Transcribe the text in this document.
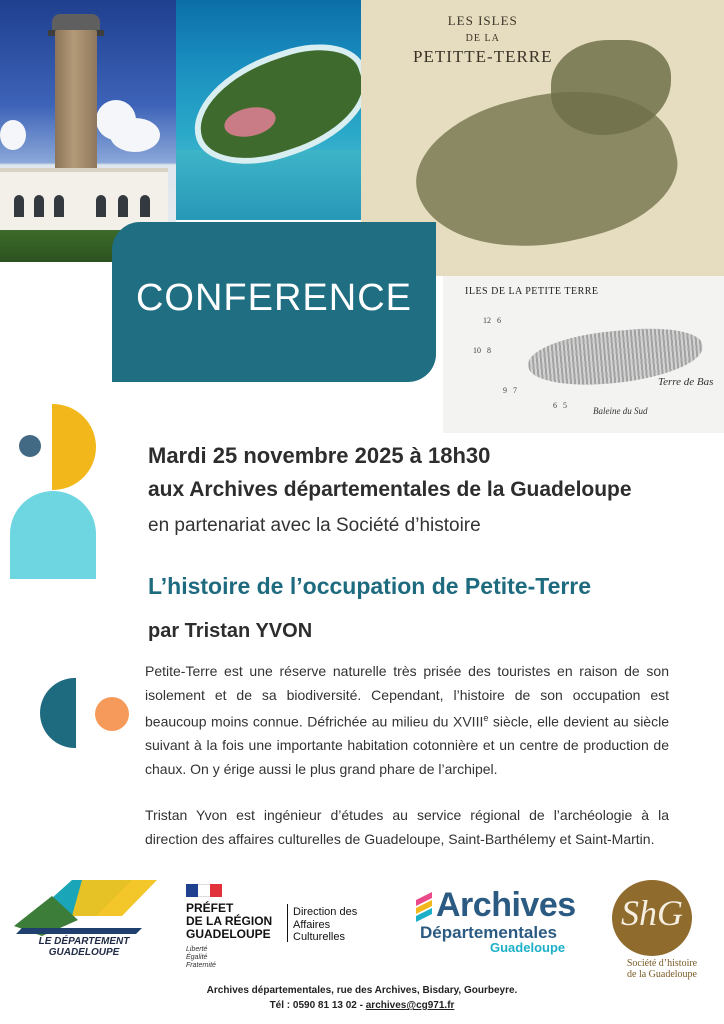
LES ISLES
DE LA
PETITTE-TERRE
ILES DE LA PETITE TERRE
Terre de Bas
Baleine du Sud
12   6
10   8
9   7
6   5
CONFERENCE
Mardi 25 novembre 2025 à 18h30
aux Archives départementales de la Guadeloupe
en partenariat avec la Société d’histoire
L’histoire de l’occupation de Petite-Terre
par Tristan YVON

Petite-Terre est une réserve naturelle très prisée des touristes en raison de son isolement et de sa biodiversité. Cependant, l’histoire de son occupation est beaucoup moins connue. Défrichée au milieu du XVIIIe siècle, elle devient au siècle suivant à la fois une importante habitation cotonnière et un centre de production de chaux. On y érige aussi le plus grand phare de l’archipel.

Tristan Yvon est ingénieur d’études au service régional de l’archéologie à la direction des affaires culturelles de Guadeloupe, Saint-Barthélemy et Saint-Martin.

LE DÉPARTEMENT
GUADELOUPE
PRÉFET
DE LA RÉGION
GUADELOUPE
Liberté
Égalité
Fraternité
Direction des
Affaires
Culturelles
Archives
Départementales
Guadeloupe
ShG
Société d’histoire
de la Guadeloupe
Archives départementales, rue des Archives, Bisdary, Gourbeyre.
Tél : 0590 81 13 02 - archives@cg971.fr
